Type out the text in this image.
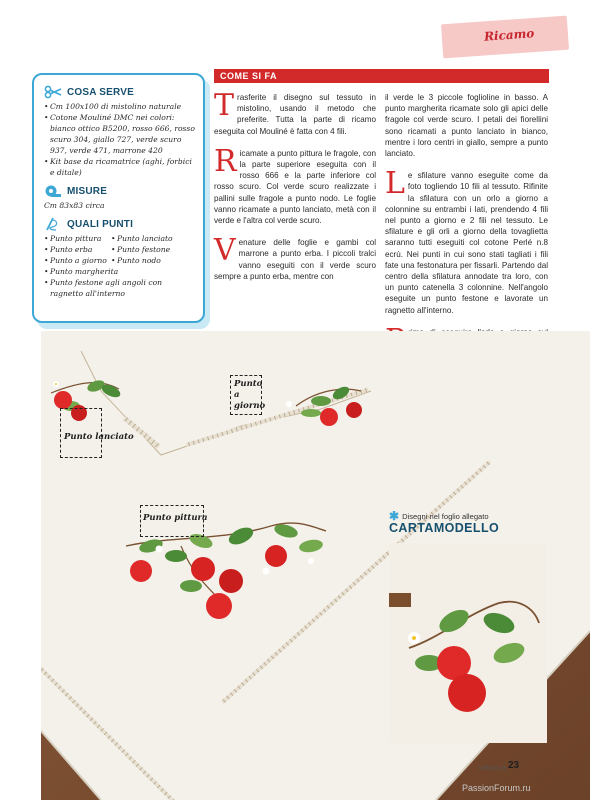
Ricamo
COSA SERVE
• Cm 100x100 di mistolino naturale
• Cotone Mouliné DMC nei colori: bianco ottico B5200, rosso 666, rosso scuro 304, giallo 727, verde scuro 937, verde 471, marrone 420
• Kit base da ricamatrice (aghi, forbici e ditale)
MISURE
Cm 83x83 circa
QUALI PUNTI
• Punto pittura	• Punto lanciato
• Punto erba	• Punto festone
• Punto a giorno	• Punto nodo
• Punto margherita
• Punto festone agli angoli con ragnetto all'interno
COME SI FA

Trasferite il disegno sul tessuto in mistolino, usando il metodo che preferite. Tutta la parte di ricamo eseguita col Mouliné è fatta con 4 fili.

Ricamate a punto pittura le fragole, con la parte superiore eseguita con il rosso 666 e la parte inferiore col rosso scuro. Col verde scuro realizzate i pallini sulle fragole a punto nodo. Le foglie vanno ricamate a punto lanciato, metà con il verde e l'altra col verde scuro.

Venature delle foglie e gambi col marrone a punto erba. I piccoli tralci vanno eseguiti con il verde scuro sempre a punto erba, mentre con

il verde le 3 piccole foglioline in basso. A punto margherita ricamate solo gli apici delle fragole col verde scuro. I petali dei fiorellini sono ricamati a punto lanciato in bianco, mentre i loro centri in giallo, sempre a punto lanciato.

Le sfilature vanno eseguite come da foto togliendo 10 fili al tessuto. Rifinite la sfilatura con un orlo a giorno a colonnine su entrambi i lati, prendendo 4 fili nel punto a giorno e 2 fili nel tessuto. Le sfilature e gli orli a giorno della tovaglietta saranno tutti eseguiti col cotone Perlé n.8 ecrù. Nei punti in cui sono stati tagliati i fili fate una festonatura per fissarli. Partendo dal centro della sfilatura annodate tra loro, con un punto catenella 3 colonnine. Nell'angolo eseguite un punto festone e lavorate un ragnetto all'interno.

Punto lanciato
Punto a giorno
Punto pittura	✱ Disegni nel foglio allegato
CARTAMODELLO
rakam.it 23
PassionForum.ru
